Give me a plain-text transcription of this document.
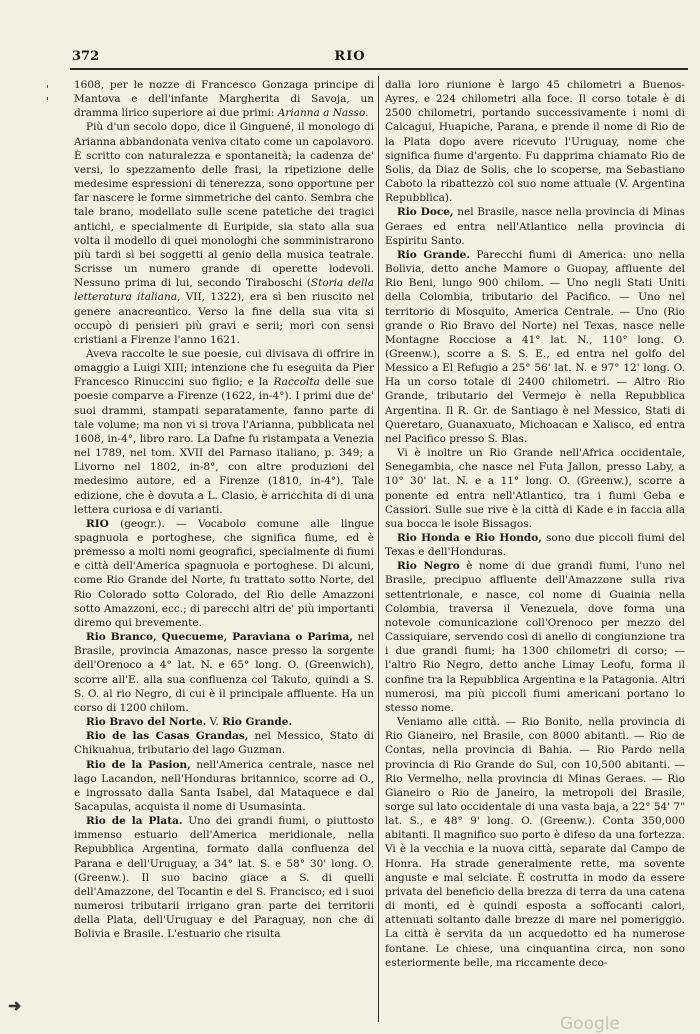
372	RIO
'
'
➜

1608, per le nozze di Francesco Gonzaga principe di Mantova e dell'infante Margherita di Savoja, un dramma lirico superiore ai due primi: Arianna a Nasso.

Più d'un secolo dopo, dice il Ginguené, il monologo di Arianna abbandonata veniva citato come un capolavoro. È scritto con naturalezza e spontaneità; la cadenza de' versi, lo spezzamento delle frasi, la ripetizione delle medesime espressioni di tenerezza, sono opportune per far nascere le forme simmetriche del canto. Sembra che tale brano, modellato sulle scene patetiche dei tragici antichi, e specialmente di Euripide, sia stato alla sua volta il modello di quei monologhi che somministrarono più tardi sì bei soggetti al genio della musica teatrale. Scrisse un numero grande di operette lodevoli. Nessuno prima di lui, secondo Tiraboschi (Storia della letteratura italiana, VII, 1322), era sì ben riuscito nel genere anacreontico. Verso la fine della sua vita si occupò di pensieri più gravi e serii; morì con sensi cristiani a Firenze l'anno 1621.

Aveva raccolte le sue poesie, cui divisava di offrire in omaggio a Luigi XIII; intenzione che fu eseguita da Pier Francesco Rinuccini suo figlio; e la Raccolta delle sue poesie comparve a Firenze (1622, in-4°). I primi due de' suoi drammi, stampati separatamente, fanno parte di tale volume; ma non vi si trova l'Arianna, pubblicata nel 1608, in-4°, libro raro. La Dafne fu ristampata a Venezia nel 1789, nel tom. XVII del Parnaso italiano, p. 349; a Livorno nel 1802, in-8°, con altre produzioni del medesimo autore, ed a Firenze (1810, in-4°). Tale edizione, che è dovuta a L. Clasio, è arricchita di di una lettera curiosa e di varianti.

RIO (geogr.). — Vocabolo comune alle lingue spagnuola e portoghese, che significa fiume, ed è premesso a molti nomi geografici, specialmente di fiumi e città dell'America spagnuola e portoghese. Di alcuni, come Rio Grande del Norte, fu trattato sotto Norte, del Rio Colorado sotto Colorado, del Rio delle Amazzoni sotto Amazzoni, ecc.; di parecchi altri de' più importanti diremo qui brevemente.

Rio Branco, Quecueme, Paraviana o Parima, nel Brasile, provincia Amazonas, nasce presso la sorgente dell'Orenoco a 4° lat. N. e 65° long. O. (Greenwich), scorre all'E. alla sua confluenza col Takuto, quindi a S. S. O. al rio Negro, di cui è il principale affluente. Ha un corso di 1200 chilom.

Rio Bravo del Norte. V. Rio Grande.

Rio de las Casas Grandas, nel Messico, Stato di Chikuahua, tributario del lago Guzman.

Rio de la Pasion, nell'America centrale, nasce nel lago Lacandon, nell'Honduras britannico, scorre ad O., e ingrossato dalla Santa Isabel, dal Mataquece e dal Sacapulas, acquista il nome di Usumasinta.

Rio de la Plata. Uno dei grandi fiumi, o piuttosto immenso estuario dell'America meridionale, nella Repubblica Argentina, formato dalla confluenza del Parana e dell'Uruguay, a 34° lat. S. e 58° 30' long. O. (Greenw.). Il suo bacino giace a S. di quelli dell'Amazzone, del Tocantin e del S. Francisco; ed i suoi numerosi tributarii irrigano gran parte dei territorii della Plata, dell'Uruguay e del Paraguay, non che di Bolivia e Brasile. L'estuario che risulta

dalla loro riunione è largo 45 chilometri a Buenos-Ayres, e 224 chilometri alla foce. Il corso totale è di 2500 chilometri, portando successivamente i nomi di Calcagui, Huapiche, Parana, e prende il nome di Rio de la Plata dopo avere ricevuto l'Uruguay, nome che significa fiume d'argento. Fu dapprima chiamato Rio de Solis, da Diaz de Solis, che lo scoperse, ma Sebastiano Caboto la ribattezzò col suo nome attuale (V. Argentina Repubblica).

Rio Doce, nel Brasile, nasce nella provincia di Minas Geraes ed entra nell'Atlantico nella provincia di Espiritu Santo.

Rio Grande. Parecchi fiumi di America: uno nella Bolivia, detto anche Mamore o Guopay, affluente del Rio Beni, lungo 900 chilom. — Uno negli Stati Uniti della Colombia, tributario del Pacifico. — Uno nel territorio di Mosquito, America Centrale. — Uno (Rio grande o Rio Bravo del Norte) nel Texas, nasce nelle Montagne Rocciose a 41° lat. N., 110° long. O. (Greenw.), scorre a S. S. E., ed entra nel golfo del Messico a El Refugio a 25° 56' lat. N. e 97° 12' long. O. Ha un corso totale di 2400 chilometri. — Altro Rio Grande, tributario del Vermejo è nella Repubblica Argentina. Il R. Gr. de Santiago è nel Messico, Stati di Queretaro, Guanaxuato, Michoacan e Xalisco, ed entra nel Pacifico presso S. Blas.

Vi è inoltre un Rio Grande nell'Africa occidentale, Senegambia, che nasce nel Futa Jallon, presso Laby, a 10° 30' lat. N. e a 11° long. O. (Greenw.), scorre a ponente ed entra nell'Atlantico, tra i fiumi Geba e Cassiori. Sulle sue rive è la città di Kade e in faccia alla sua bocca le isole Bissagos.

Rio Honda e Rio Hondo, sono due piccoli fiumi del Texas e dell'Honduras.

Rio Negro è nome di due grandi fiumi, l'uno nel Brasile, precipuo affluente dell'Amazzone sulla riva settentrionale, e nasce, col nome di Guainia nella Colombia, traversa il Venezuela, dove forma una notevole comunicazione coll'Orenoco per mezzo del Cassiquiare, servendo così di anello di congiunzione tra i due grandi fiumi; ha 1300 chilometri di corso; — l'altro Rio Negro, detto anche Limay Leofu, forma il confine tra la Repubblica Argentina e la Patagonia. Altri numerosi, ma più piccoli fiumi americani portano lo stesso nome.

Veniamo alle città. — Rio Bonito, nella provincia di Rio Gianeiro, nel Brasile, con 8000 abitanti. — Rio de Contas, nella provincia di Bahia. — Rio Pardo nella provincia di Rio Grande do Sul, con 10,500 abitanti. — Rio Vermelho, nella provincia di Minas Geraes. — Rio Gianeiro o Rio de Janeiro, la metropoli del Brasile, sorge sul lato occidentale di una vasta baja, a 22° 54' 7" lat. S., e 48° 9' long. O. (Greenw.). Conta 350,000 abitanti. Il magnifico suo porto è difeso da una fortezza. Vi è la vecchia e la nuova città, separate dal Campo de Honra. Ha strade generalmente rette, ma sovente anguste e mal selciate. È costrutta in modo da essere privata del beneficio della brezza di terra da una catena di monti, ed è quindi esposta a soffocanti calori, attenuati soltanto dalle brezze di mare nel pomeriggio. La città è servita da un acquedotto ed ha numerose fontane. Le chiese, una cinquantina circa, non sono esteriormente belle, ma riccamente deco-

Google
